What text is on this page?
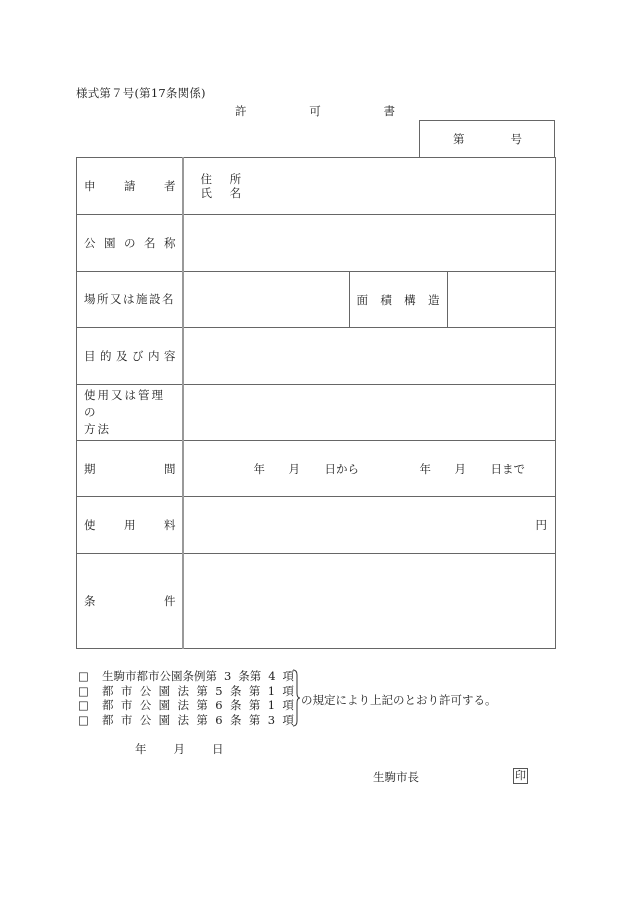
様式第７号(第17条関係)
許	可	書
第	号
申 請 者	住 所
氏 名

公 園 の 名 称			

場所又は施設名		面 積 構 造	

目 的 及 び 内 容

使用又は管理の
方法			

期	間	年	月	日から	年	月	日まで

使 用 料	円		

条 件			

□	生駒市都市公園条例第 3 条第 4 項
□	都 市 公 園 法 第 5 条 第 1 項
□	都 市 公 園 法 第 6 条 第 1 項
□	都 市 公 園 法 第 6 条 第 3 項
の規定により上記のとおり許可する。
年 月 日
生駒市長	印
